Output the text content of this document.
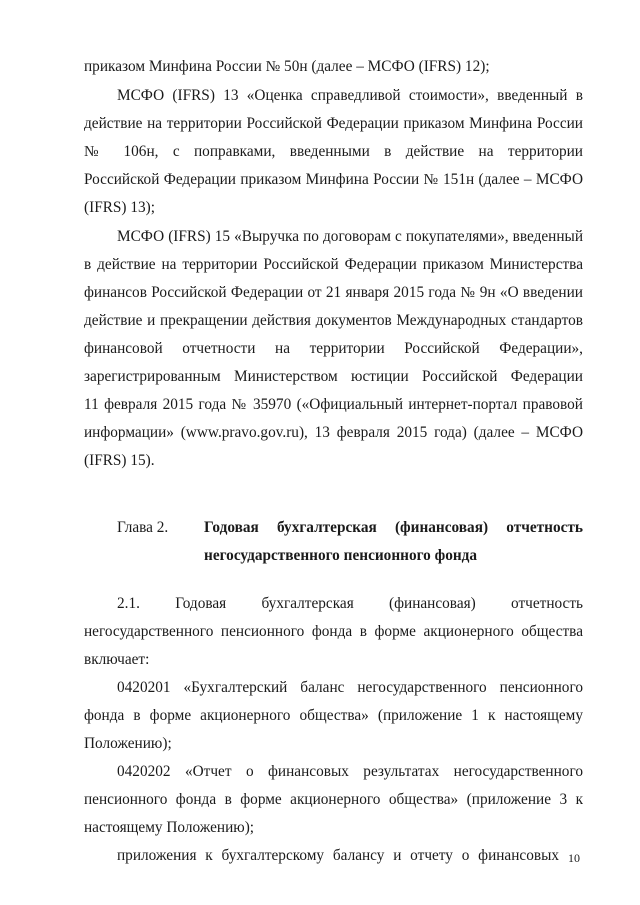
приказом Минфина России № 50н (далее – МСФО (IFRS) 12);
МСФО (IFRS) 13 «Оценка справедливой стоимости», введенный в
действие на территории Российской Федерации приказом Минфина России
№ 106н, с поправками, введенными в действие на территории
Российской Федерации приказом Минфина России № 151н (далее – МСФО
(IFRS) 13);
МСФО (IFRS) 15 «Выручка по договорам с покупателями», введенный
в действие на территории Российской Федерации приказом Министерства
финансов Российской Федерации от 21 января 2015 года № 9н «О введении
действие и прекращении действия документов Международных стандартов
финансовой отчетности на территории Российской Федерации»,
зарегистрированным Министерством юстиции Российской Федерации
11 февраля 2015 года № 35970 («Официальный интернет-портал правовой
информации» (www.pravo.gov.ru), 13 февраля 2015 года) (далее – МСФО
(IFRS) 15).
Глава 2. Годовая бухгалтерская (финансовая) отчетность
негосударственного пенсионного фонда
2.1. Годовая бухгалтерская (финансовая) отчетность
негосударственного пенсионного фонда в форме акционерного общества
включает:
0420201 «Бухгалтерский баланс негосударственного пенсионного
фонда в форме акционерного общества» (приложение 1 к настоящему
Положению);
0420202 «Отчет о финансовых результатах негосударственного
пенсионного фонда в форме акционерного общества» (приложение 3 к
настоящему Положению);
приложения к бухгалтерскому балансу и отчету о финансовых 10
